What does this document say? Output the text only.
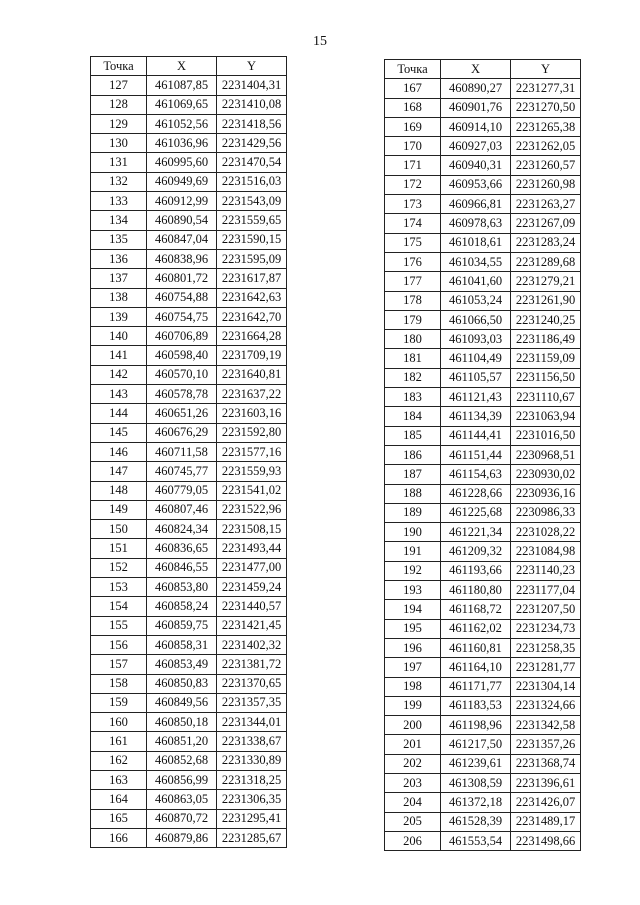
15
Точка	X	Y
127	461087,85	2231404,31
128	461069,65	2231410,08
129	461052,56	2231418,56
130	461036,96	2231429,56
131	460995,60	2231470,54
132	460949,69	2231516,03
133	460912,99	2231543,09
134	460890,54	2231559,65
135	460847,04	2231590,15
136	460838,96	2231595,09
137	460801,72	2231617,87
138	460754,88	2231642,63
139	460754,75	2231642,70
140	460706,89	2231664,28
141	460598,40	2231709,19
142	460570,10	2231640,81
143	460578,78	2231637,22
144	460651,26	2231603,16
145	460676,29	2231592,80
146	460711,58	2231577,16
147	460745,77	2231559,93
148	460779,05	2231541,02
149	460807,46	2231522,96
150	460824,34	2231508,15
151	460836,65	2231493,44
152	460846,55	2231477,00
153	460853,80	2231459,24
154	460858,24	2231440,57
155	460859,75	2231421,45
156	460858,31	2231402,32
157	460853,49	2231381,72
158	460850,83	2231370,65
159	460849,56	2231357,35
160	460850,18	2231344,01
161	460851,20	2231338,67
162	460852,68	2231330,89
163	460856,99	2231318,25
164	460863,05	2231306,35
165	460870,72	2231295,41
166	460879,86	2231285,67
Точка	X	Y
167	460890,27	2231277,31
168	460901,76	2231270,50
169	460914,10	2231265,38
170	460927,03	2231262,05
171	460940,31	2231260,57
172	460953,66	2231260,98
173	460966,81	2231263,27
174	460978,63	2231267,09
175	461018,61	2231283,24
176	461034,55	2231289,68
177	461041,60	2231279,21
178	461053,24	2231261,90
179	461066,50	2231240,25
180	461093,03	2231186,49
181	461104,49	2231159,09
182	461105,57	2231156,50
183	461121,43	2231110,67
184	461134,39	2231063,94
185	461144,41	2231016,50
186	461151,44	2230968,51
187	461154,63	2230930,02
188	461228,66	2230936,16
189	461225,68	2230986,33
190	461221,34	2231028,22
191	461209,32	2231084,98
192	461193,66	2231140,23
193	461180,80	2231177,04
194	461168,72	2231207,50
195	461162,02	2231234,73
196	461160,81	2231258,35
197	461164,10	2231281,77
198	461171,77	2231304,14
199	461183,53	2231324,66
200	461198,96	2231342,58
201	461217,50	2231357,26
202	461239,61	2231368,74
203	461308,59	2231396,61
204	461372,18	2231426,07
205	461528,39	2231489,17
206	461553,54	2231498,66
